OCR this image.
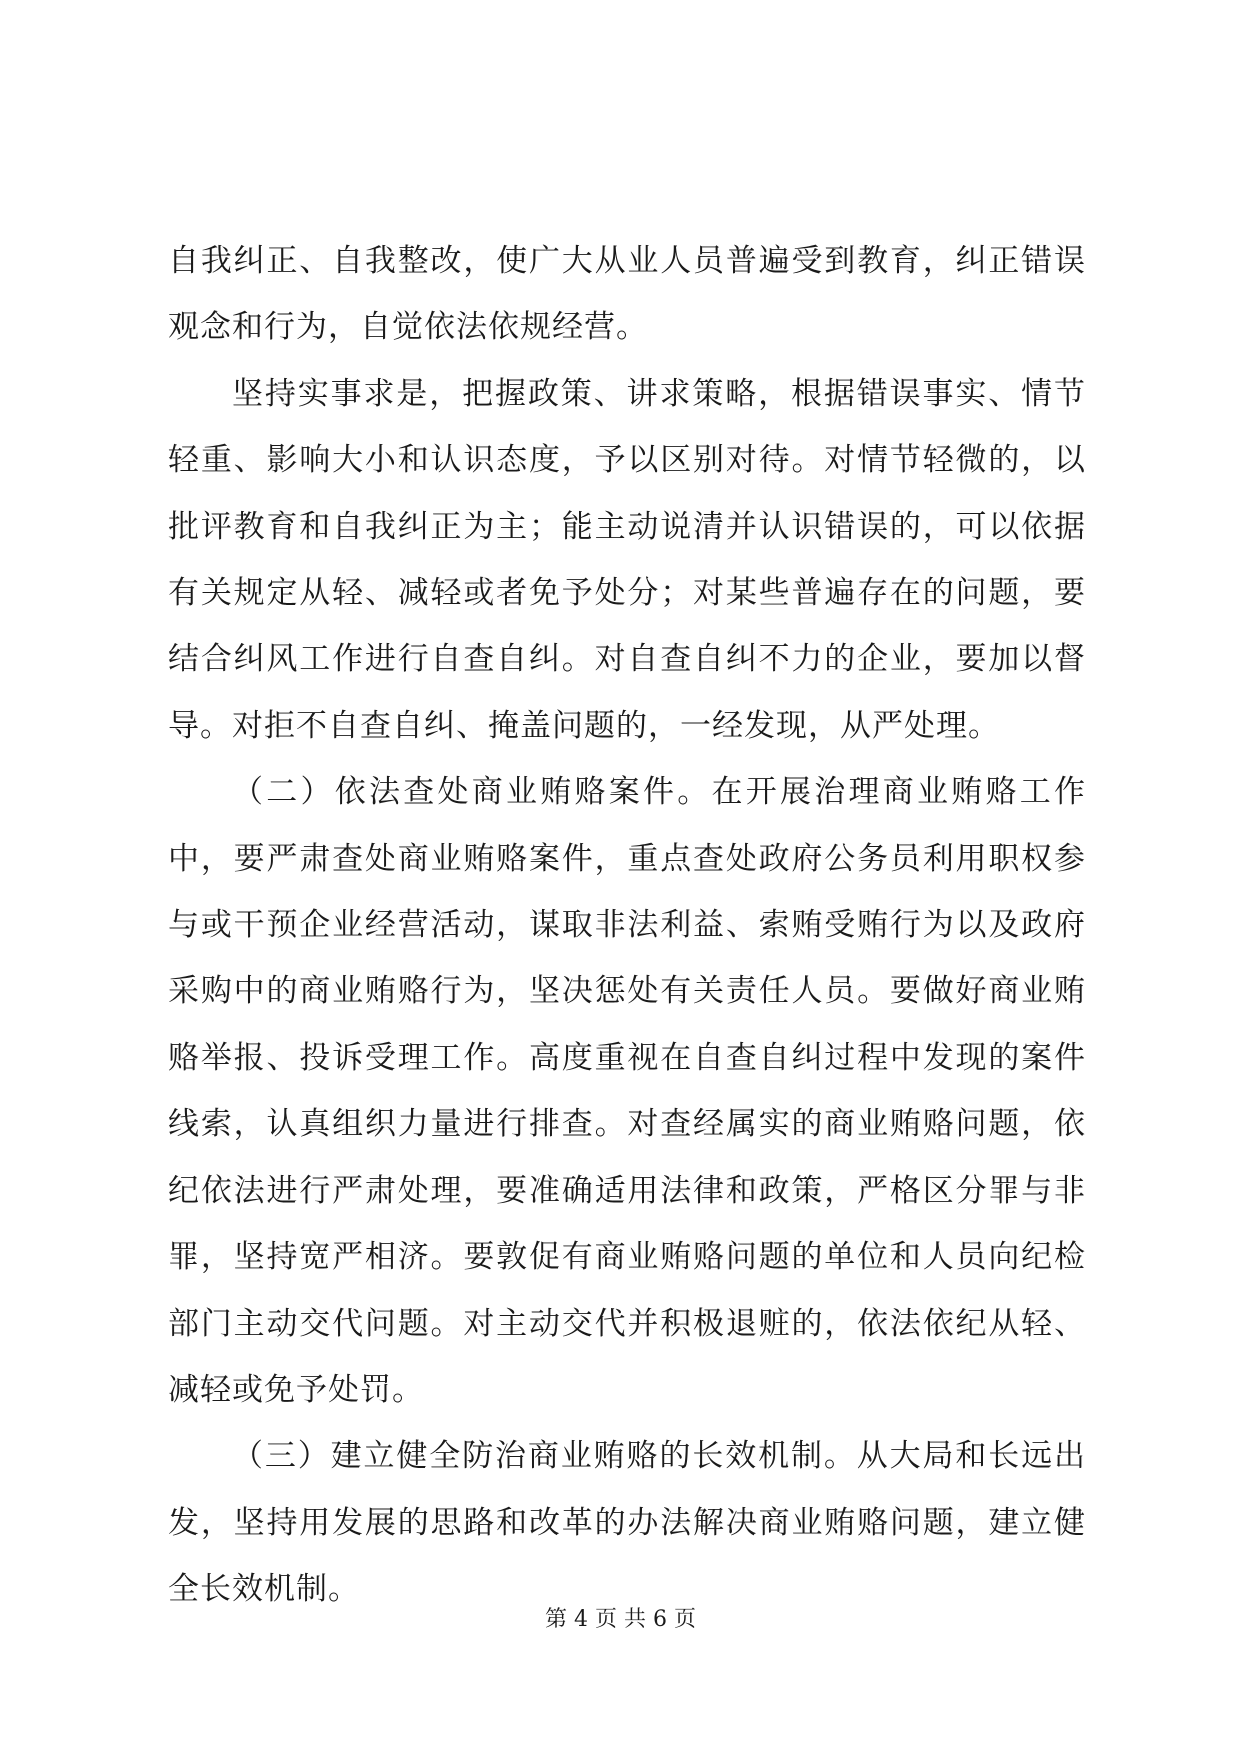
自我纠正、自我整改，使广大从业人员普遍受到教育，纠正错误观念和行为，自觉依法依规经营。

坚持实事求是，把握政策、讲求策略，根据错误事实、情节轻重、影响大小和认识态度，予以区别对待。对情节轻微的，以批评教育和自我纠正为主；能主动说清并认识错误的，可以依据有关规定从轻、减轻或者免予处分；对某些普遍存在的问题，要结合纠风工作进行自查自纠。对自查自纠不力的企业，要加以督导。对拒不自查自纠、掩盖问题的，一经发现，从严处理。

（二）依法查处商业贿赂案件。在开展治理商业贿赂工作中，要严肃查处商业贿赂案件，重点查处政府公务员利用职权参与或干预企业经营活动，谋取非法利益、索贿受贿行为以及政府采购中的商业贿赂行为，坚决惩处有关责任人员。要做好商业贿赂举报、投诉受理工作。高度重视在自查自纠过程中发现的案件线索，认真组织力量进行排查。对查经属实的商业贿赂问题，依纪依法进行严肃处理，要准确适用法律和政策，严格区分罪与非罪，坚持宽严相济。要敦促有商业贿赂问题的单位和人员向纪检部门主动交代问题。对主动交代并积极退赃的，依法依纪从轻、减轻或免予处罚。

（三）建立健全防治商业贿赂的长效机制。从大局和长远出发，坚持用发展的思路和改革的办法解决商业贿赂问题，建立健全长效机制。

第 4 页 共 6 页
